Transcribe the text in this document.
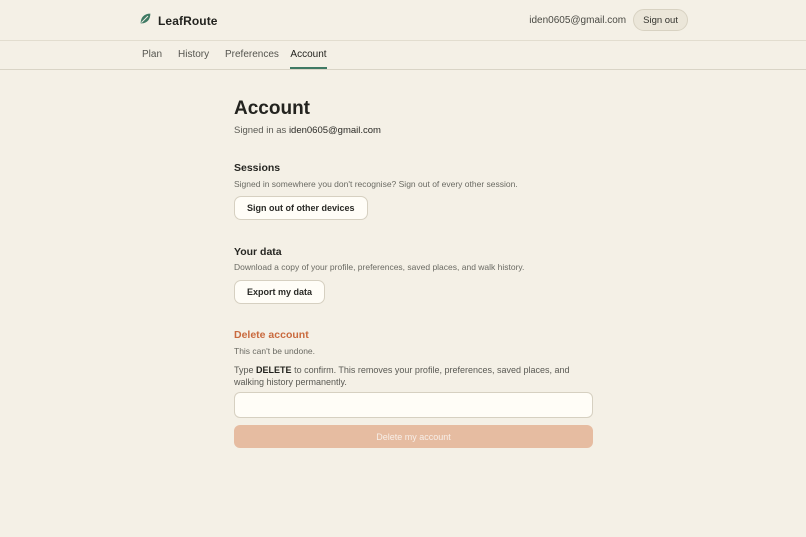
LeafRoute	iden0605@gmail.com	Sign out
Plan History Preferences Account
Account
Signed in as iden0605@gmail.com
Sessions
Signed in somewhere you don't recognise? Sign out of every other session.
Sign out of other devices
Your data
Download a copy of your profile, preferences, saved places, and walk history.
Export my data
Delete account
This can't be undone.
Type DELETE to confirm. This removes your profile, preferences, saved places, and walking history permanently.
Delete my account
